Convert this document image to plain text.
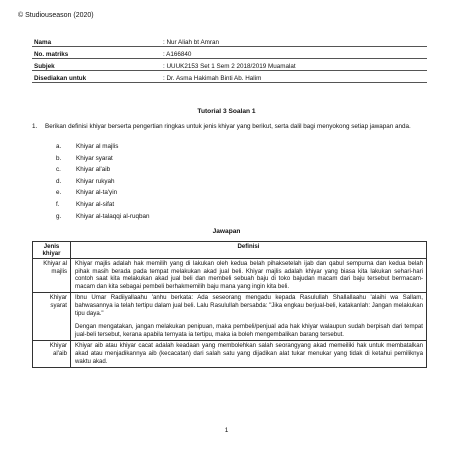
© Studiouseason (2020)
Nama	: Nur Aliah bt Amran
No. matriks	: A166840
Subjek	: UUUK2153 Set 1 Sem 2 2018/2019 Muamalat
Disediakan untuk	: Dr. Asma Hakimah Binti Ab. Halim
Tutorial 3 Soalan 1
1. Berikan definisi khiyar berserta pengertian ringkas untuk jenis khiyar yang berikut, serta dalil bagi menyokong setiap jawapan anda.
a.	Khiyar al majlis
b.	Khiyar syarat
c.	Khiyar al'aib
d.	Khiyar rukyah
e.	Khiyar al-ta'yin
f.	Khiyar al-sifat
g.	Khiyar al-talaqqi al-ruqban
Jawapan
Jenis khiyar	Definisi
Khiyar al majlis	Khiyar majlis adalah hak memilih yang di lakukan oleh kedua belah pihaksetelah ijab dan qabul sempurna dan kedua belah pihak masih berada pada tempat melakukan akad jual beli. Khiyar majlis adalah khiyar yang biasa kita lakukan sehari-hari contoh saat kita melakukan akad jual beli dan membeli sebuah baju di toko bajudan macam dari baju tersebut bermacam-macam dan kita sebagai pembeli berhakmemilih baju mana yang ingin kita beli.

Khiyar syarat	Ibnu Umar Radiiyallaahu 'anhu berkata: Ada seseorang mengadu kepada Rasulullah Shallallaahu 'alaihi wa Sallam, bahwasannya ia telah tertipu dalam jual beli. Lalu Rasulullah bersabda: "Jika engkau berjual-beli, katakanlah: Jangan melakukan tipu daya."

Dengan mengatakan, jangan melakukan penipuan, maka pembeli/penjual ada hak khiyar walaupun sudah berpisah dari tempat jual-beli tersebut, kerana apabila ternyata ia tertipu, maka ia boleh mengembalikan barang tersebut.

Khiyar al'aib	Khiyar aib atau khiyar cacat adalah keadaan yang membolehkan salah seorangyang akad memeiliki hak untuk membatalkan akad atau menjadikannya aib (kecacatan) dari salah satu yang dijadikan alat tukar menukar yang tidak di ketahui pemiliknya waktu akad.

1
